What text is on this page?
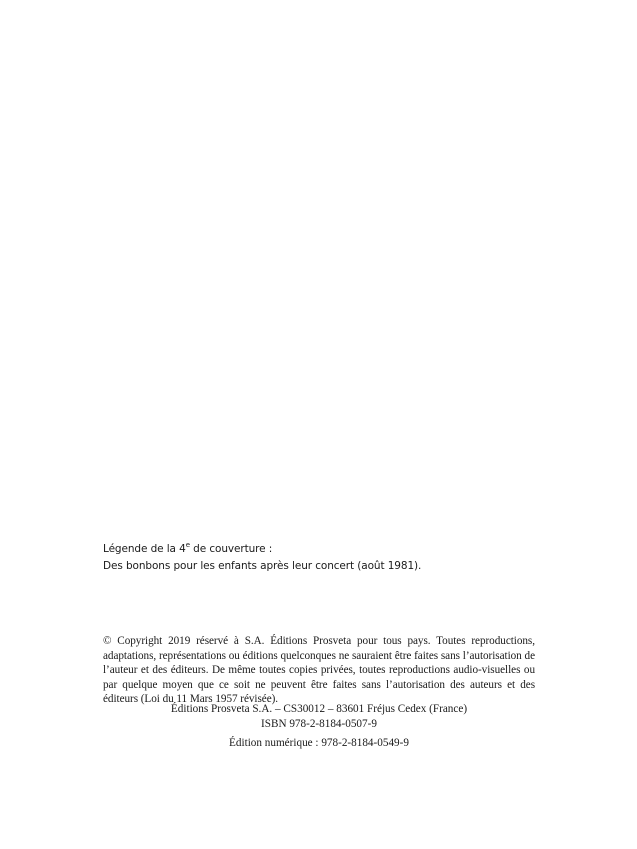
Légende de la 4e de couverture :
Des bonbons pour les enfants après leur concert (août 1981).
© Copyright 2019 réservé à S.A. Éditions Prosveta pour tous pays. Toutes reproductions, adaptations, représentations ou éditions quelconques ne sauraient être faites sans l’autorisation de l’auteur et des éditeurs. De même toutes copies privées, toutes reproductions audio-visuelles ou par quelque moyen que ce soit ne peuvent être faites sans l’autorisation des auteurs et des éditeurs (Loi du 11 Mars 1957 révisée).
Éditions Prosveta S.A. – CS30012 – 83601 Fréjus Cedex (France)
ISBN 978-2-8184-0507-9
Édition numérique : 978-2-8184-0549-9
